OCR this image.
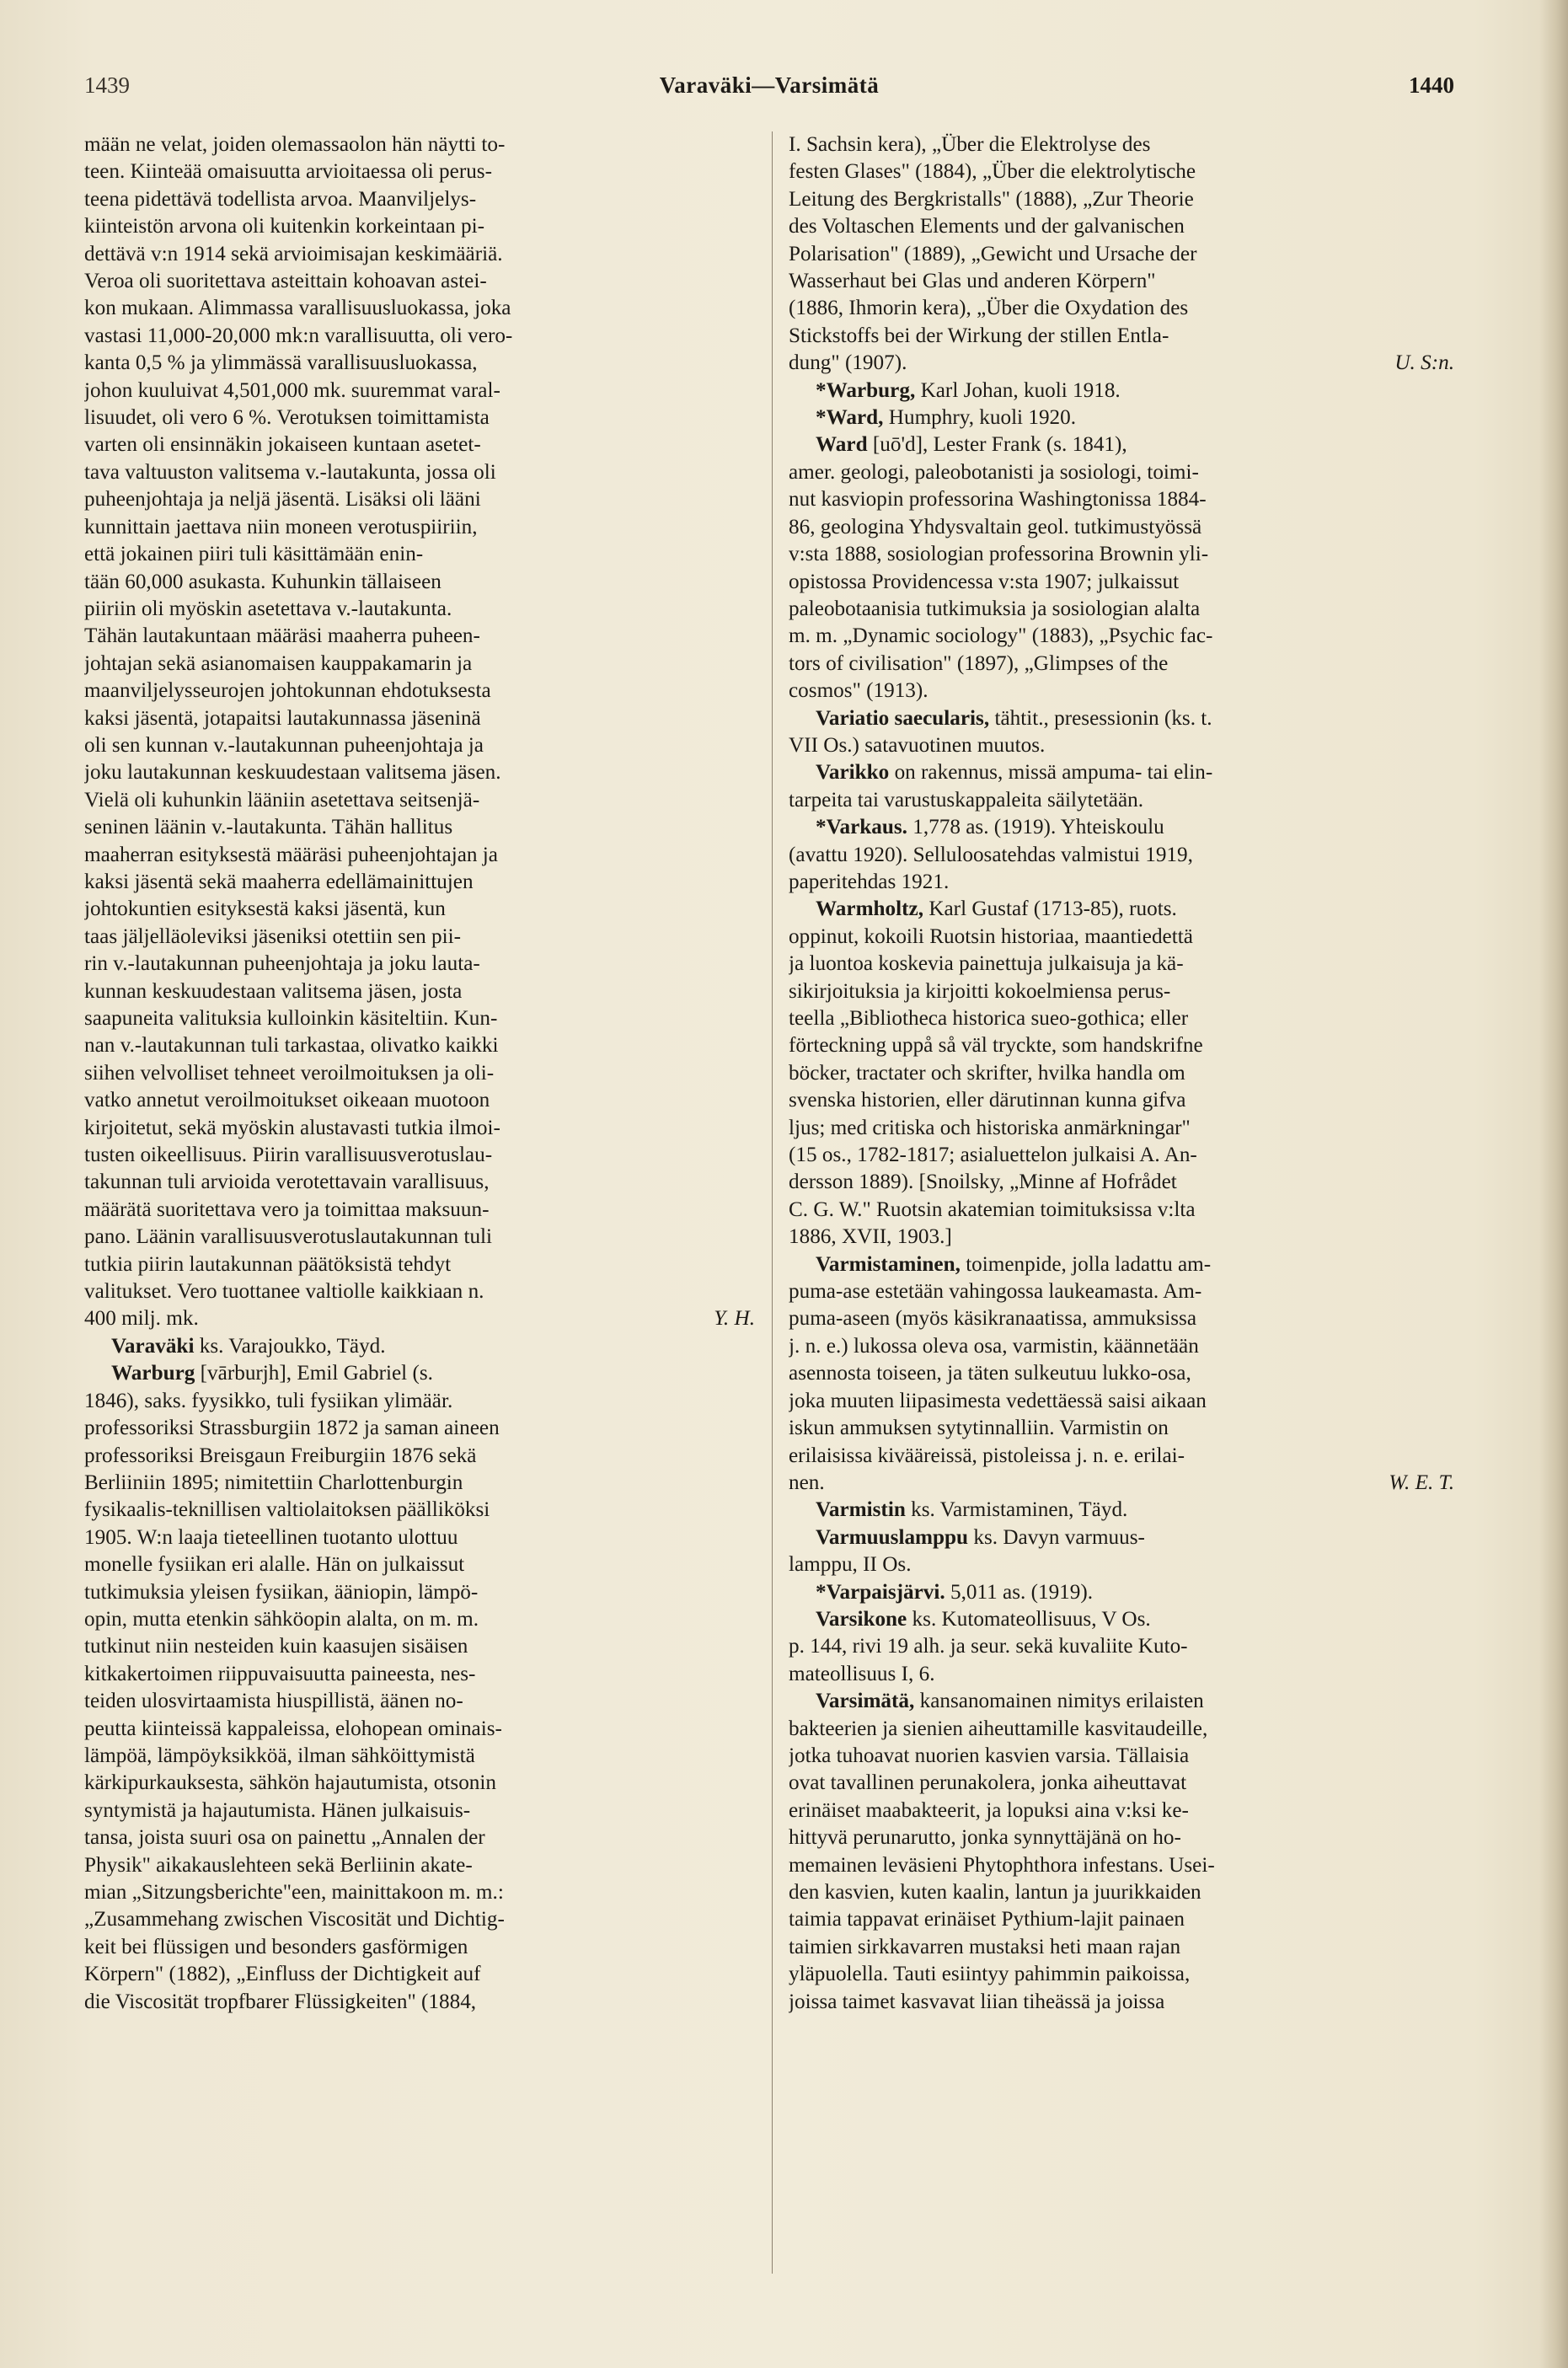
1439	Varaväki—Varsimätä	1440
mään ne velat, joiden olemassaolon hän näytti to-
teen. Kiinteää omaisuutta arvioitaessa oli perus-
teena pidettävä todellista arvoa. Maanviljelys-
kiinteistön arvona oli kuitenkin korkeintaan pi-
dettävä v:n 1914 sekä arvioimisajan keskimääriä.
Veroa oli suoritettava asteittain kohoavan astei-
kon mukaan. Alimmassa varallisuusluokassa, joka
vastasi 11,000-20,000 mk:n varallisuutta, oli vero-
kanta 0,5 % ja ylimmässä varallisuusluokassa,
johon kuuluivat 4,501,000 mk. suuremmat varal-
lisuudet, oli vero 6 %. Verotuksen toimittamista
varten oli ensinnäkin jokaiseen kuntaan asetet-
tava valtuuston valitsema v.-lautakunta, jossa oli
puheenjohtaja ja neljä jäsentä. Lisäksi oli lääni
kunnittain jaettava niin moneen verotuspiiriin,
että jokainen piiri tuli käsittämään enin-
tään 60,000 asukasta. Kuhunkin tällaiseen
piiriin oli myöskin asetettava v.-lautakunta.
Tähän lautakuntaan määräsi maaherra puheen-
johtajan sekä asianomaisen kauppakamarin ja
maanviljelysseurojen johtokunnan ehdotuksesta
kaksi jäsentä, jotapaitsi lautakunnassa jäseninä
oli sen kunnan v.-lautakunnan puheenjohtaja ja
joku lautakunnan keskuudestaan valitsema jäsen.
Vielä oli kuhunkin lääniin asetettava seitsenjä-
seninen läänin v.-lautakunta. Tähän hallitus
maaherran esityksestä määräsi puheenjohtajan ja
kaksi jäsentä sekä maaherra edellämainittujen
johtokuntien esityksestä kaksi jäsentä, kun
taas jäljelläoleviksi jäseniksi otettiin sen pii-
rin v.-lautakunnan puheenjohtaja ja joku lauta-
kunnan keskuudestaan valitsema jäsen, josta
saapuneita valituksia kulloinkin käsiteltiin. Kun-
nan v.-lautakunnan tuli tarkastaa, olivatko kaikki
siihen velvolliset tehneet veroilmoituksen ja oli-
vatko annetut veroilmoitukset oikeaan muotoon
kirjoitetut, sekä myöskin alustavasti tutkia ilmoi-
tusten oikeellisuus. Piirin varallisuusverotuslau-
takunnan tuli arvioida verotettavain varallisuus,
määrätä suoritettava vero ja toimittaa maksuun-
pano. Läänin varallisuusverotuslautakunnan tuli
tutkia piirin lautakunnan päätöksistä tehdyt
valitukset. Vero tuottanee valtiolle kaikkiaan n.
400 milj. mk.	Y. H.
Varaväki ks. Varajoukko, Täyd.
Warburg [vārburjh], Emil Gabriel (s.
1846), saks. fyysikko, tuli fysiikan ylimäär.
professoriksi Strassburgiin 1872 ja saman aineen
professoriksi Breisgaun Freiburgiin 1876 sekä
Berliiniin 1895; nimitettiin Charlottenburgin
fysikaalis-teknillisen valtiolaitoksen päälliköksi
1905. W:n laaja tieteellinen tuotanto ulottuu
monelle fysiikan eri alalle. Hän on julkaissut
tutkimuksia yleisen fysiikan, ääniopin, lämpö-
opin, mutta etenkin sähköopin alalta, on m. m.
tutkinut niin nesteiden kuin kaasujen sisäisen
kitkakertoimen riippuvaisuutta paineesta, nes-
teiden ulosvirtaamista hiuspillistä, äänen no-
peutta kiinteissä kappaleissa, elohopean ominais-
lämpöä, lämpöyksikköä, ilman sähköittymistä
kärkipurkauksesta, sähkön hajautumista, otsonin
syntymistä ja hajautumista. Hänen julkaisuis-
tansa, joista suuri osa on painettu „Annalen der
Physik" aikakauslehteen sekä Berliinin akate-
mian „Sitzungsberichte"een, mainittakoon m. m.:
„Zusammehang zwischen Viscosität und Dichtig-
keit bei flüssigen und besonders gasförmigen
Körpern" (1882), „Einfluss der Dichtigkeit auf
die Viscosität tropfbarer Flüssigkeiten" (1884,
I. Sachsin kera), „Über die Elektrolyse des
festen Glases" (1884), „Über die elektrolytische
Leitung des Bergkristalls" (1888), „Zur Theorie
des Voltaschen Elements und der galvanischen
Polarisation" (1889), „Gewicht und Ursache der
Wasserhaut bei Glas und anderen Körpern"
(1886, Ihmorin kera), „Über die Oxydation des
Stickstoffs bei der Wirkung der stillen Entla-
dung" (1907).	U. S:n.
*Warburg, Karl Johan, kuoli 1918.
*Ward, Humphry, kuoli 1920.
Ward [uō'd], Lester Frank (s. 1841),
amer. geologi, paleobotanisti ja sosiologi, toimi-
nut kasviopin professorina Washingtonissa 1884-
86, geologina Yhdysvaltain geol. tutkimustyössä
v:sta 1888, sosiologian professorina Brownin yli-
opistossa Providencessa v:sta 1907; julkaissut
paleobotaanisia tutkimuksia ja sosiologian alalta
m. m. „Dynamic sociology" (1883), „Psychic fac-
tors of civilisation" (1897), „Glimpses of the
cosmos" (1913).
Variatio saecularis, tähtit., presessionin (ks. t.
VII Os.) satavuotinen muutos.
Varikko on rakennus, missä ampuma- tai elin-
tarpeita tai varustuskappaleita säilytetään.
*Varkaus. 1,778 as. (1919). Yhteiskoulu
(avattu 1920). Selluloosatehdas valmistui 1919,
paperitehdas 1921.
Warmholtz, Karl Gustaf (1713-85), ruots.
oppinut, kokoili Ruotsin historiaa, maantiedettä
ja luontoa koskevia painettuja julkaisuja ja kä-
sikirjoituksia ja kirjoitti kokoelmiensa perus-
teella „Bibliotheca historica sueo-gothica; eller
förteckning uppå så väl tryckte, som handskrifne
böcker, tractater och skrifter, hvilka handla om
svenska historien, eller därutinnan kunna gifva
ljus; med critiska och historiska anmärkningar"
(15 os., 1782-1817; asialuettelon julkaisi A. An-
dersson 1889). [Snoilsky, „Minne af Hofrådet
C. G. W." Ruotsin akatemian toimituksissa v:lta
1886, XVII, 1903.]
Varmistaminen, toimenpide, jolla ladattu am-
puma-ase estetään vahingossa laukeamasta. Am-
puma-aseen (myös käsikranaatissa, ammuksissa
j. n. e.) lukossa oleva osa, varmistin, käännetään
asennosta toiseen, ja täten sulkeutuu lukko-osa,
joka muuten liipasimesta vedettäessä saisi aikaan
iskun ammuksen sytytinnalliin. Varmistin on
erilaisissa kivääreissä, pistoleissa j. n. e. erilai-
nen.	W. E. T.
Varmistin ks. Varmistaminen, Täyd.
Varmuuslamppu ks. Davyn varmuus-
lamppu, II Os.
*Varpaisjärvi. 5,011 as. (1919).
Varsikone ks. Kutomateollisuus, V Os.
p. 144, rivi 19 alh. ja seur. sekä kuvaliite Kuto-
mateollisuus I, 6.
Varsimätä, kansanomainen nimitys erilaisten
bakteerien ja sienien aiheuttamille kasvitaudeille,
jotka tuhoavat nuorien kasvien varsia. Tällaisia
ovat tavallinen perunakolera, jonka aiheuttavat
erinäiset maabakteerit, ja lopuksi aina v:ksi ke-
hittyvä perunarutto, jonka synnyttäjänä on ho-
memainen leväsieni Phytophthora infestans. Usei-
den kasvien, kuten kaalin, lantun ja juurikkaiden
taimia tappavat erinäiset Pythium-lajit painaen
taimien sirkkavarren mustaksi heti maan rajan
yläpuolella. Tauti esiintyy pahimmin paikoissa,
joissa taimet kasvavat liian tiheässä ja joissa
